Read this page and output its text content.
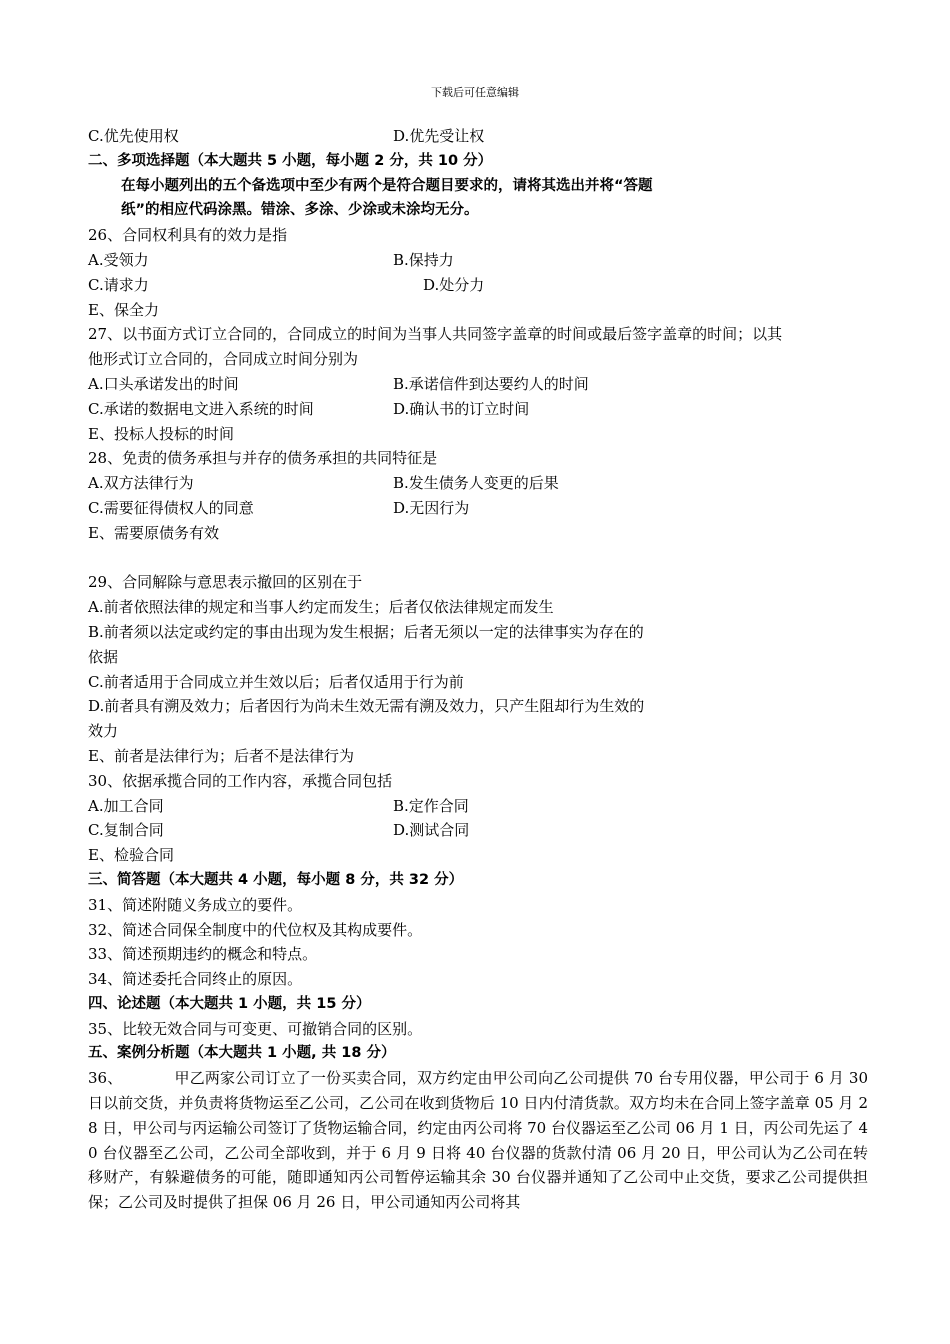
下载后可任意编辑
C.优先使用权	D.优先受让权
二、多项选择题（本大题共 5 小题，每小题 2 分，共 10 分）
在每小题列出的五个备选项中至少有两个是符合题目要求的，请将其选出并将“答题
纸”的相应代码涂黑。错涂、多涂、少涂或未涂均无分。
26、合同权利具有的效力是指
A.受领力	B.保持力
C.请求力	D.处分力
E、保全力
27、以书面方式订立合同的，合同成立的时间为当事人共同签字盖章的时间或最后签字盖章的时间；以其
他形式订立合同的，合同成立时间分别为
A.口头承诺发出的时间	B.承诺信件到达要约人的时间
C.承诺的数据电文进入系统的时间	D.确认书的订立时间
E、投标人投标的时间
28、免责的债务承担与并存的债务承担的共同特征是
A.双方法律行为	B.发生债务人变更的后果
C.需要征得债权人的同意	D.无因行为
E、需要原债务有效
29、合同解除与意思表示撤回的区别在于
A.前者依照法律的规定和当事人约定而发生；后者仅依法律规定而发生
B.前者须以法定或约定的事由出现为发生根据；后者无须以一定的法律事实为存在的
依据
C.前者适用于合同成立并生效以后；后者仅适用于行为前
D.前者具有溯及效力；后者因行为尚未生效无需有溯及效力，只产生阻却行为生效的
效力
E、前者是法律行为；后者不是法律行为
30、依据承揽合同的工作内容，承揽合同包括
A.加工合同	B.定作合同
C.复制合同	D.测试合同
E、检验合同
三、简答题（本大题共 4 小题，每小题 8 分，共 32 分）
31、简述附随义务成立的要件。
32、简述合同保全制度中的代位权及其构成要件。
33、简述预期违约的概念和特点。
34、简述委托合同终止的原因。
四、论述题（本大题共 1 小题，共 15 分）
35、比较无效合同与可变更、可撤销合同的区别。
五、案例分析题（本大题共 1 小题, 共 18 分）
36、	甲乙两家公司订立了一份买卖合同，双方约定由甲公司向乙公司提供 70 台专用仪器，甲公司于 6 月 30 日以前交货，并负责将货物运至乙公司，乙公司在收到货物后 10 日内付清货款。双方均未在合同上签字盖章 05 月 28 日，甲公司与丙运输公司签订了货物运输合同，约定由丙公司将 70 台仪器运至乙公司 06 月 1 日，丙公司先运了 40 台仪器至乙公司，乙公司全部收到，并于 6 月 9 日将 40 台仪器的货款付清 06 月 20 日，甲公司认为乙公司在转移财产，有躲避债务的可能，随即通知丙公司暂停运输其余 30 台仪器并通知了乙公司中止交货，要求乙公司提供担保；乙公司及时提供了担保 06 月 26 日，甲公司通知丙公司将其
